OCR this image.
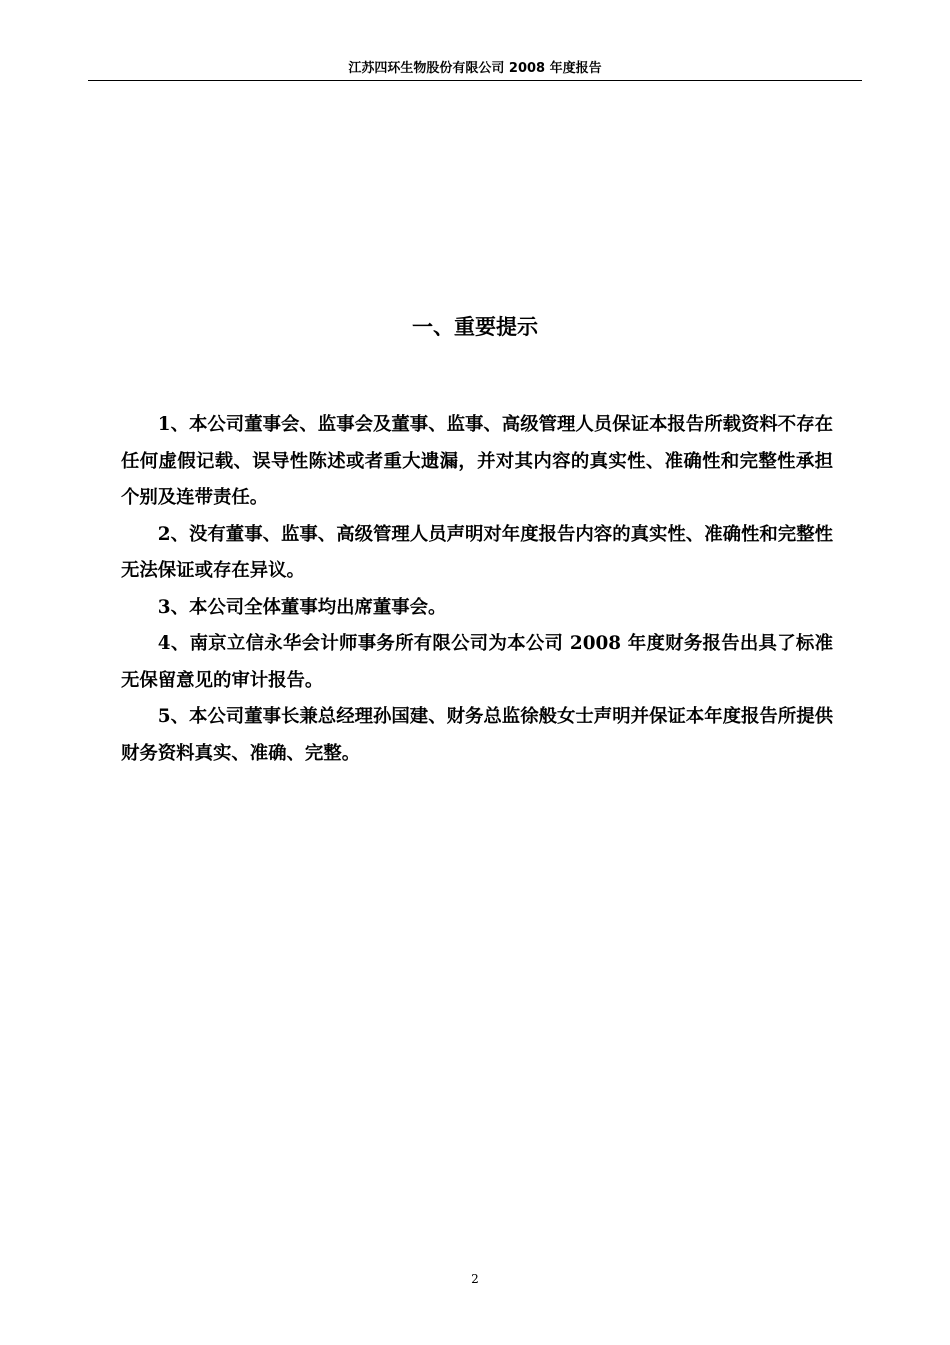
江苏四环生物股份有限公司 2008 年度报告
一、重要提示

1、本公司董事会、监事会及董事、监事、高级管理人员保证本报告所载资料不存在任何虚假记载、误导性陈述或者重大遗漏，并对其内容的真实性、准确性和完整性承担个别及连带责任。

2、没有董事、监事、高级管理人员声明对年度报告内容的真实性、准确性和完整性无法保证或存在异议。

3、本公司全体董事均出席董事会。

4、南京立信永华会计师事务所有限公司为本公司 2008 年度财务报告出具了标准无保留意见的审计报告。

5、本公司董事长兼总经理孙国建、财务总监徐般女士声明并保证本年度报告所提供财务资料真实、准确、完整。

2
